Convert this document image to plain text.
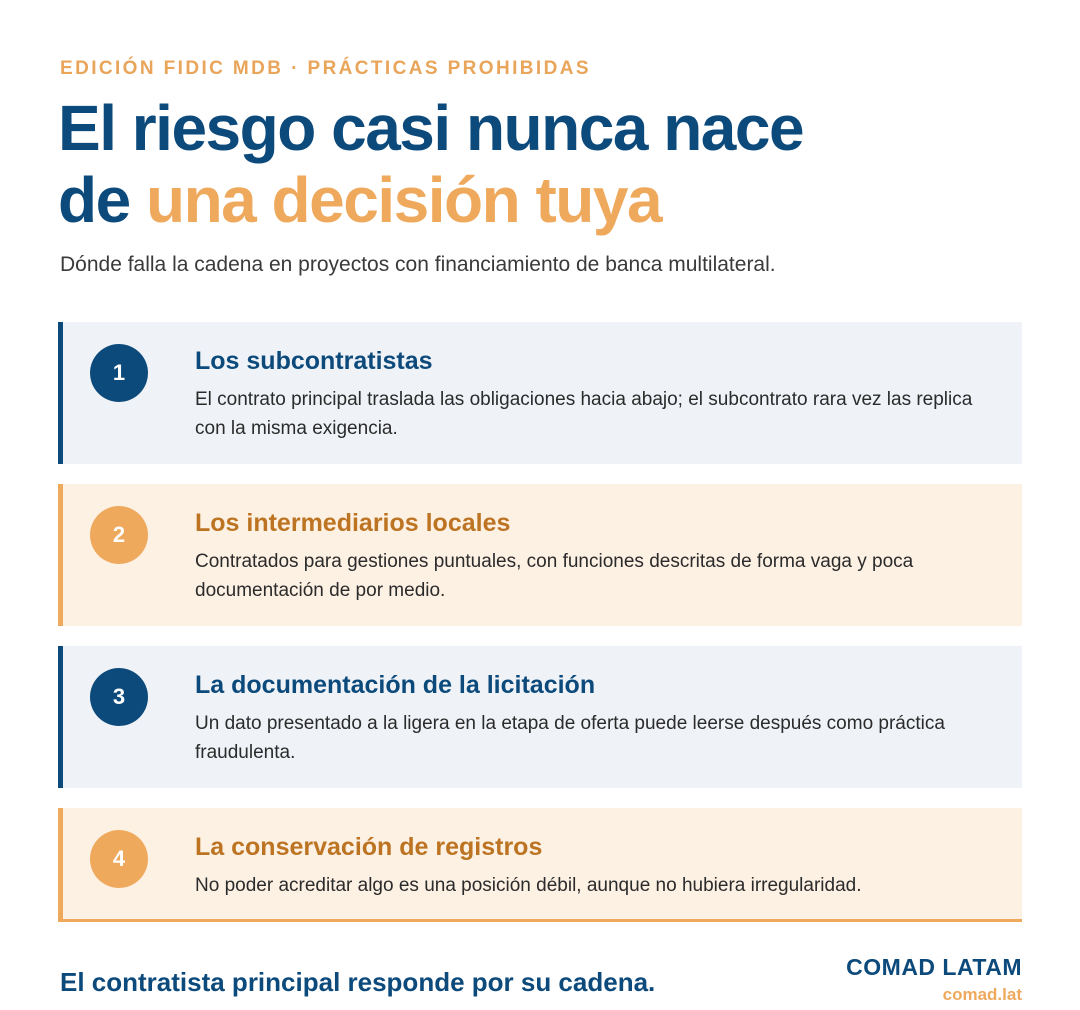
EDICIÓN FIDIC MDB · PRÁCTICAS PROHIBIDAS
El riesgo casi nunca nace
de una decisión tuya

Dónde falla la cadena en proyectos con financiamiento de banca multilateral.

1	Los subcontratistas
El contrato principal traslada las obligaciones hacia abajo; el subcontrato rara vez las replica con la misma exigencia.
2	Los intermediarios locales
Contratados para gestiones puntuales, con funciones descritas de forma vaga y poca documentación de por medio.
3	La documentación de la licitación
Un dato presentado a la ligera en la etapa de oferta puede leerse después como práctica fraudulenta.
4	La conservación de registros
No poder acreditar algo es una posición débil, aunque no hubiera irregularidad.
El contratista principal responde por su cadena.	COMAD LATAM
comad.lat
